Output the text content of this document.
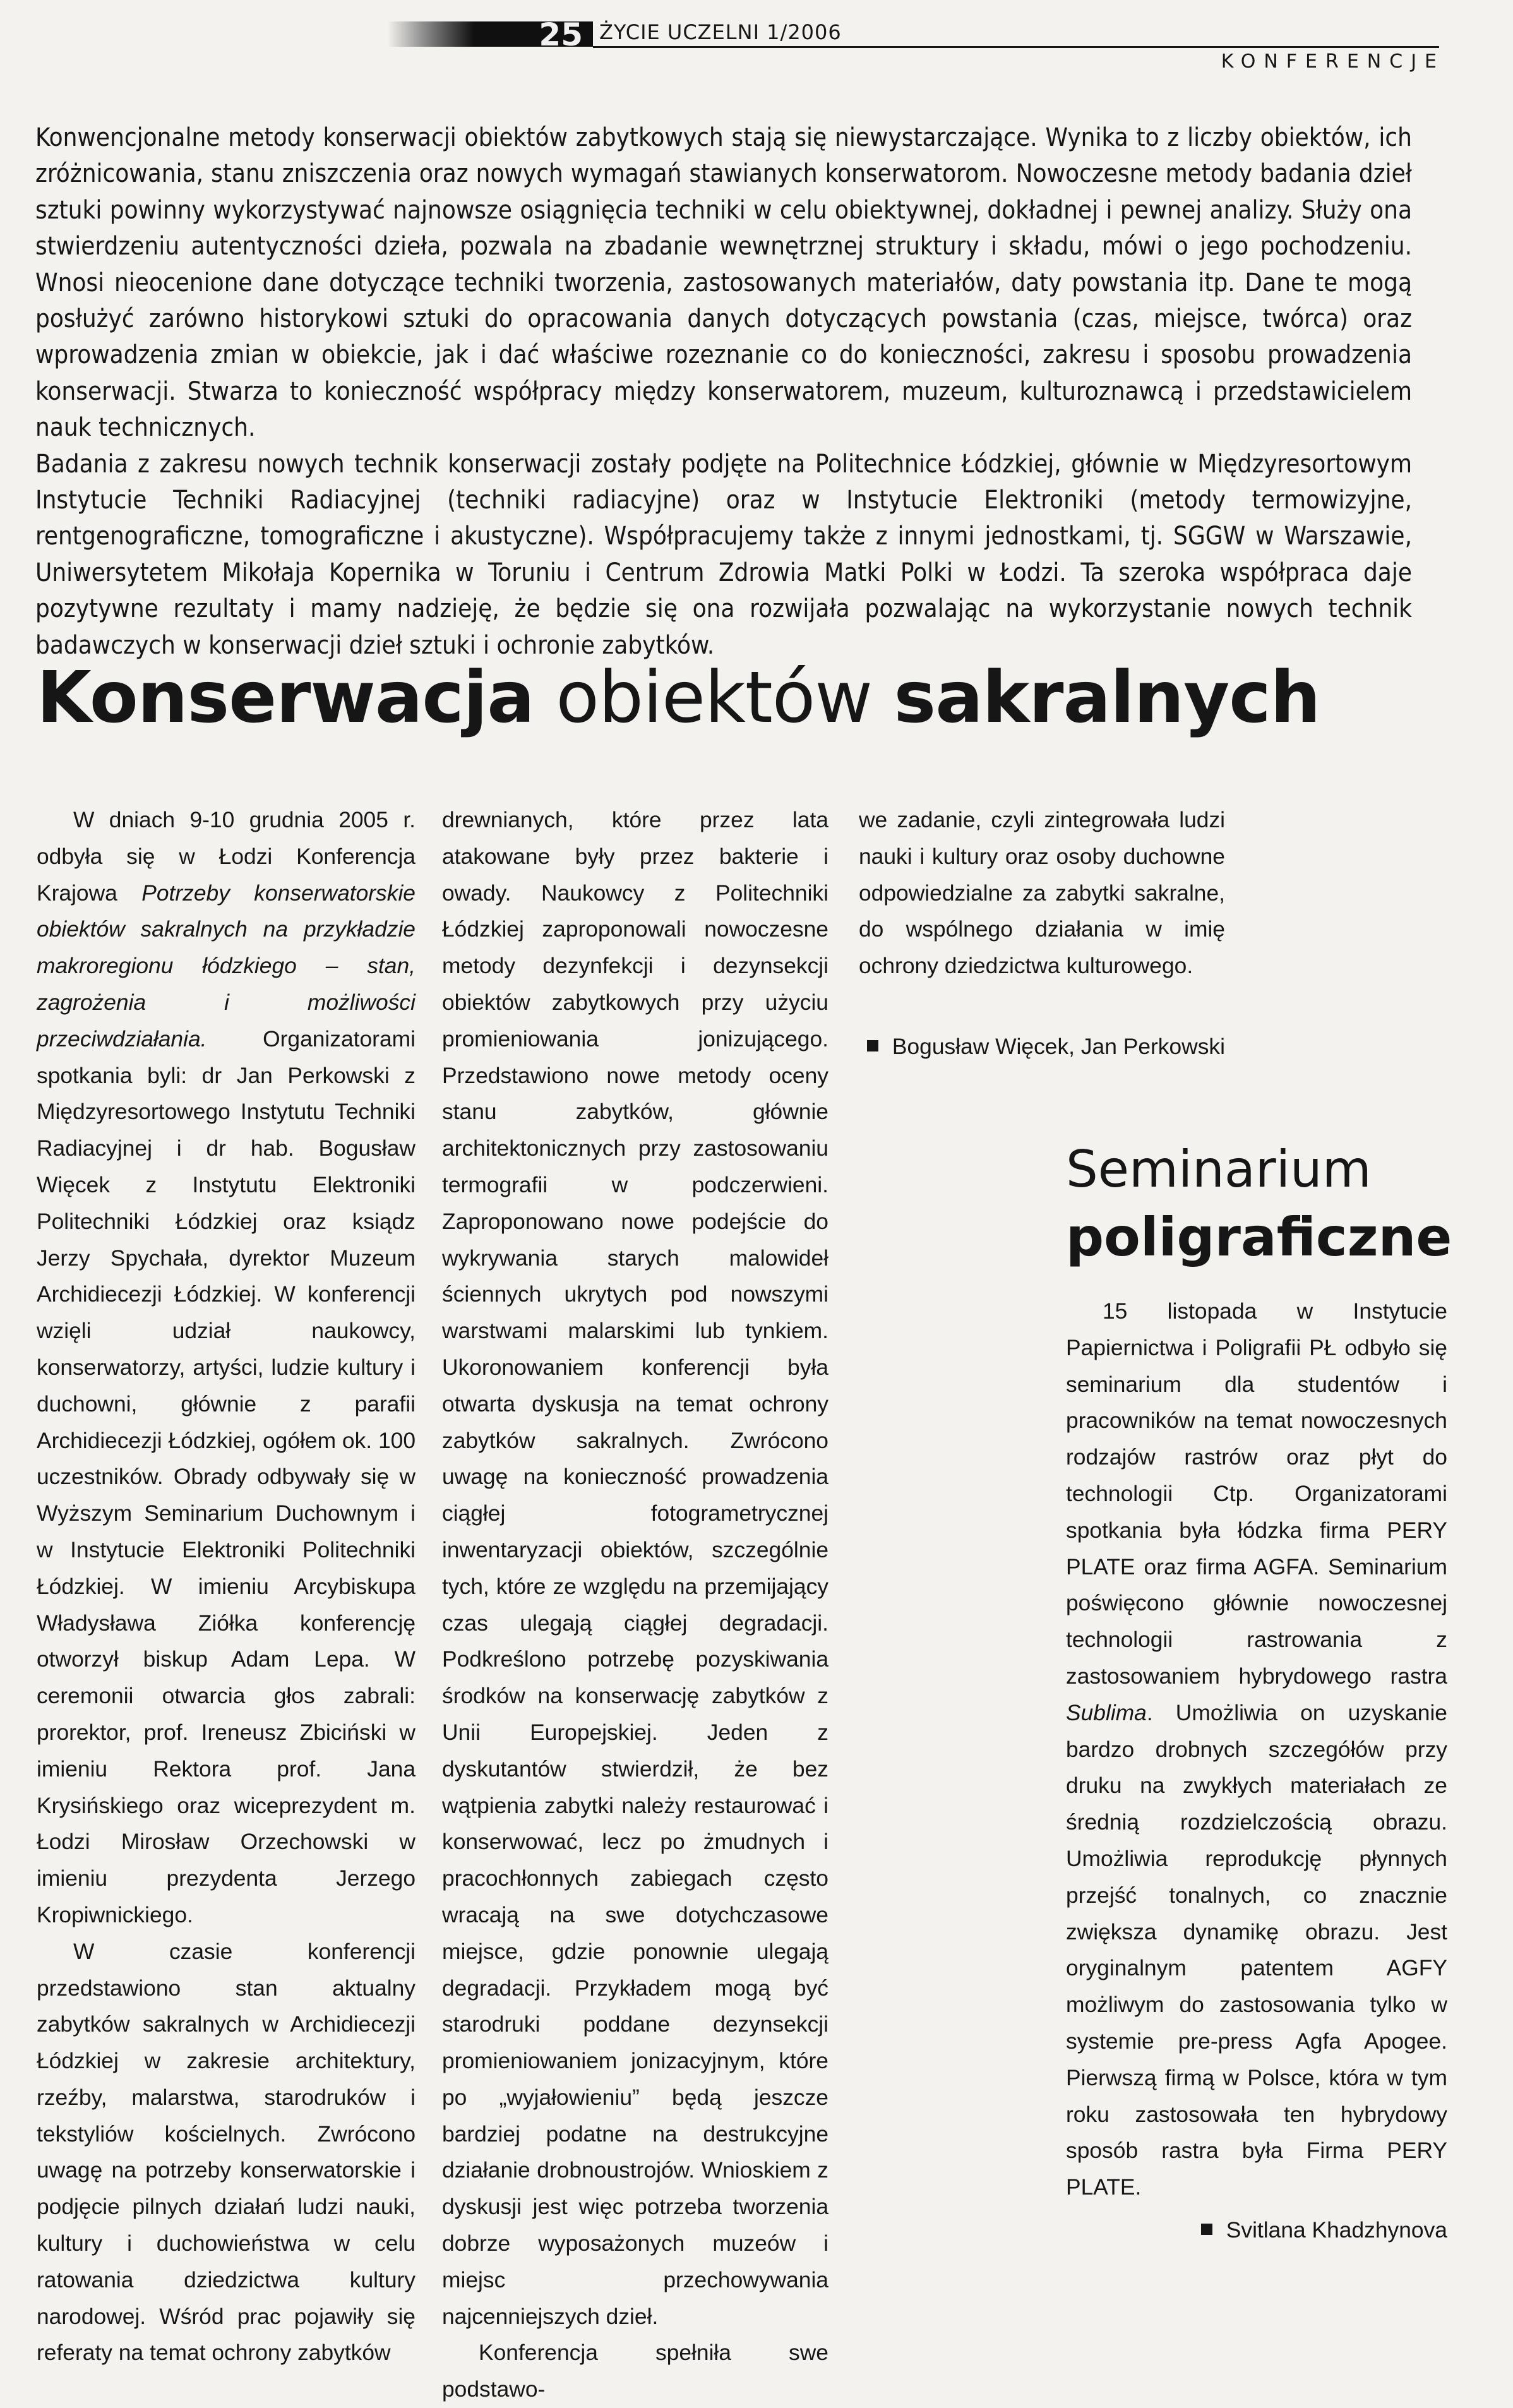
25 ŻYCIE UCZELNI 1/2006
KONFERENCJE

Konwencjonalne metody konserwacji obiektów zabytkowych stają się niewystarczające. Wynika to z liczby obiektów, ich zróżnicowania, stanu zniszczenia oraz nowych wymagań stawianych konserwatorom. Nowoczesne metody badania dzieł sztuki powinny wykorzystywać najnowsze osiągnięcia techniki w celu obiektywnej, dokładnej i pewnej analizy. Służy ona stwierdzeniu autentyczności dzieła, pozwala na zbadanie wewnętrznej struktury i składu, mówi o jego pochodzeniu. Wnosi nieocenione dane dotyczące techniki tworzenia, zastosowanych materiałów, daty powstania itp. Dane te mogą posłużyć zarówno historykowi sztuki do opracowania danych dotyczących powstania (czas, miejsce, twórca) oraz wprowadzenia zmian w obiekcie, jak i dać właściwe rozeznanie co do konieczności, zakresu i sposobu prowadzenia konserwacji. Stwarza to konieczność współpracy między konserwatorem, muzeum, kulturoznawcą i przedstawicielem nauk technicznych.

Badania z zakresu nowych technik konserwacji zostały podjęte na Politechnice Łódzkiej, głównie w Międzyresortowym Instytucie Techniki Radiacyjnej (techniki radiacyjne) oraz w Instytucie Elektroniki (metody termowizyjne, rentgenograficzne, tomograficzne i akustyczne). Współpracujemy także z innymi jednostkami, tj. SGGW w Warszawie, Uniwersytetem Mikołaja Kopernika w Toruniu i Centrum Zdrowia Matki Polki w Łodzi. Ta szeroka współpraca daje pozytywne rezultaty i mamy nadzieję, że będzie się ona rozwijała pozwalając na wykorzystanie nowych technik badawczych w konserwacji dzieł sztuki i ochronie zabytków.

Konserwacja obiektów sakralnych

W dniach 9-10 grudnia 2005 r. odbyła się w Łodzi Konferencja Krajowa Potrzeby konserwatorskie obiektów sakralnych na przykładzie makroregionu łódzkiego – stan, zagrożenia i możliwości przeciwdziałania. Organizatorami spotkania byli: dr Jan Perkowski z Międzyresortowego Instytutu Techniki Radiacyjnej i dr hab. Bogusław Więcek z Instytutu Elektroniki Politechniki Łódzkiej oraz ksiądz Jerzy Spychała, dyrektor Muzeum Archidiecezji Łódzkiej. W konferencji wzięli udział naukowcy, konserwatorzy, artyści, ludzie kultury i duchowni, głównie z parafii Archidiecezji Łódzkiej, ogółem ok. 100 uczestników. Obrady odbywały się w Wyższym Seminarium Duchownym i w Instytucie Elektroniki Politechniki Łódzkiej. W imieniu Arcybiskupa Władysława Ziółka konferencję otworzył biskup Adam Lepa. W ceremonii otwarcia głos zabrali: prorektor, prof. Ireneusz Zbiciński w imieniu Rektora prof. Jana Krysińskiego oraz wiceprezydent m. Łodzi Mirosław Orzechowski w imieniu prezydenta Jerzego Kropiwnickiego.

W czasie konferencji przedstawiono stan aktualny zabytków sakralnych w Archidiecezji Łódzkiej w zakresie architektury, rzeźby, malarstwa, starodruków i tekstyliów kościelnych. Zwrócono uwagę na potrzeby konserwatorskie i podjęcie pilnych działań ludzi nauki, kultury i duchowieństwa w celu ratowania dziedzictwa kultury narodowej. Wśród prac pojawiły się referaty na temat ochrony zabytków

drewnianych, które przez lata atakowane były przez bakterie i owady. Naukowcy z Politechniki Łódzkiej zaproponowali nowoczesne metody dezynfekcji i dezynsekcji obiektów zabytkowych przy użyciu promieniowania jonizującego. Przedstawiono nowe metody oceny stanu zabytków, głównie architektonicznych przy zastosowaniu termografii w podczerwieni. Zaproponowano nowe podejście do wykrywania starych malowideł ściennych ukrytych pod nowszymi warstwami malarskimi lub tynkiem. Ukoronowaniem konferencji była otwarta dyskusja na temat ochrony zabytków sakralnych. Zwrócono uwagę na konieczność prowadzenia ciągłej fotogrametrycznej inwentaryzacji obiektów, szczególnie tych, które ze względu na przemijający czas ulegają ciągłej degradacji. Podkreślono potrzebę pozyskiwania środków na konserwację zabytków z Unii Europejskiej. Jeden z dyskutantów stwierdził, że bez wątpienia zabytki należy restaurować i konserwować, lecz po żmudnych i pracochłonnych zabiegach często wracają na swe dotychczasowe miejsce, gdzie ponownie ulegają degradacji. Przykładem mogą być starodruki poddane dezynsekcji promieniowaniem jonizacyjnym, które po „wyjałowieniu” będą jeszcze bardziej podatne na destrukcyjne działanie drobnoustrojów. Wnioskiem z dyskusji jest więc potrzeba tworzenia dobrze wyposażonych muzeów i miejsc przechowywania najcenniejszych dzieł.

Konferencja spełniła swe podstawo-

we zadanie, czyli zintegrowała ludzi nauki i kultury oraz osoby duchowne odpowiedzialne za zabytki sakralne, do wspólnego działania w imię ochrony dziedzictwa kulturowego.

Bogusław Więcek, Jan Perkowski

Seminarium
poligraficzne

15 listopada w Instytucie Papiernictwa i Poligrafii PŁ odbyło się seminarium dla studentów i pracowników na temat nowoczesnych rodzajów rastrów oraz płyt do technologii Ctp. Organizatorami spotkania była łódzka firma PERY PLATE oraz firma AGFA. Seminarium poświęcono głównie nowoczesnej technologii rastrowania z zastosowaniem hybrydowego rastra Sublima. Umożliwia on uzyskanie bardzo drobnych szczegółów przy druku na zwykłych materiałach ze średnią rozdzielczością obrazu. Umożliwia reprodukcję płynnych przejść tonalnych, co znacznie zwiększa dynamikę obrazu. Jest oryginalnym patentem AGFY możliwym do zastosowania tylko w systemie pre-press Agfa Apogee. Pierwszą firmą w Polsce, która w tym roku zastosowała ten hybrydowy sposób rastra była Firma PERY PLATE.

Svitlana Khadzhynova
